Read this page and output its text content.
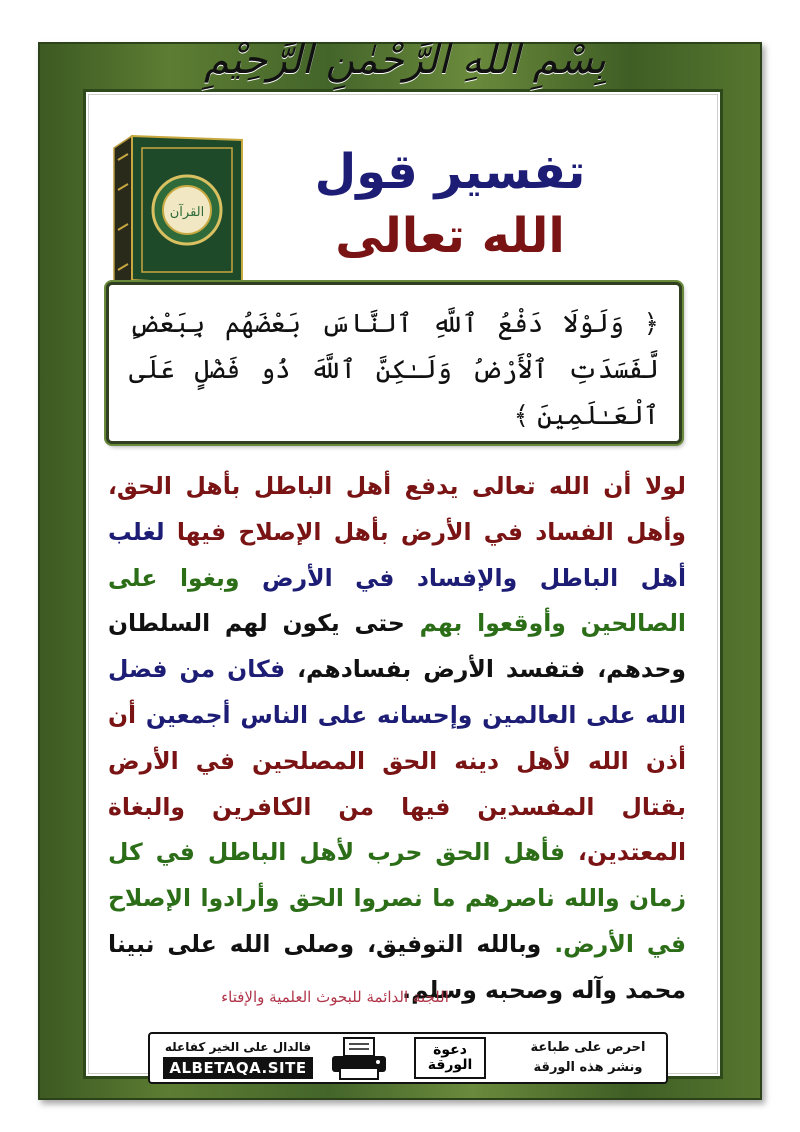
بِسْمِ اللهِ الرَّحْمٰنِ الرَّحِيْمِ
القرآن
تفسير قول
الله تعالى
﴿ وَلَوْلَا دَفْعُ ٱللَّهِ ٱلنَّاسَ بَعْضَهُم بِبَعْضٍ لَّفَسَدَتِ ٱلْأَرْضُ وَلَـٰكِنَّ ٱللَّهَ ذُو فَضْلٍ عَلَى ٱلْعَـٰلَمِينَ ﴾
لولا أن الله تعالى يدفع أهل الباطل بأهل الحق، وأهل الفساد في الأرض بأهل الإصلاح فيها لغلب أهل الباطل والإفساد في الأرض وبغوا على الصالحين وأوقعوا بهم حتى يكون لهم السلطان وحدهم، فتفسد الأرض بفسادهم، فكان من فضل الله على العالمين وإحسانه على الناس أجمعين أن أذن الله لأهل دينه الحق المصلحين في الأرض بقتال المفسدين فيها من الكافرين والبغاة المعتدين، فأهل الحق حرب لأهل الباطل في كل زمان والله ناصرهم ما نصروا الحق وأرادوا الإصلاح في الأرض. وبالله التوفيق، وصلى الله على نبينا محمد وآله وصحبه وسلم.
اللجنة الدائمة للبحوث العلمية والإفتاء
احرص على طباعة
ونشر هذه الورقة
دعوة
الورقة
فالدال على الخير كفاعله
ALBETAQA.SITE
